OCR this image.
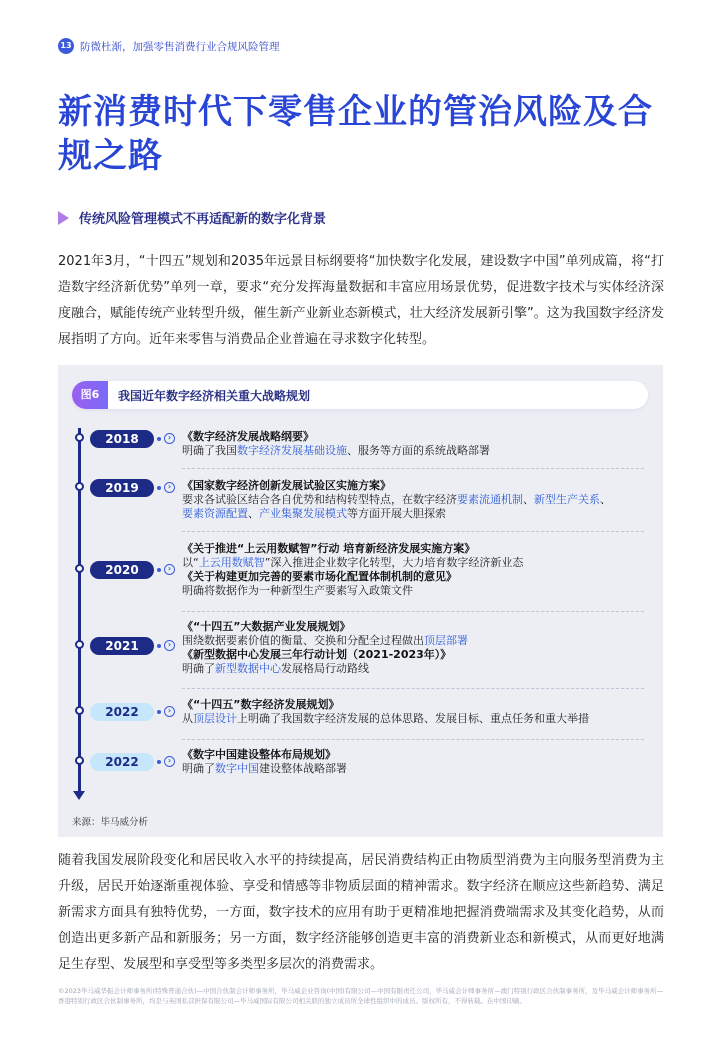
13 防微杜渐，加强零售消费行业合规风险管理
新消费时代下零售企业的管治风险及合规之路
传统风险管理模式不再适配新的数字化背景

2021年3月，“十四五”规划和2035年远景目标纲要将“加快数字化发展，建设数字中国”单列成篇，将“打造数字经济新优势”单列一章，要求“充分发挥海量数据和丰富应用场景优势，促进数字技术与实体经济深度融合，赋能传统产业转型升级，催生新产业新业态新模式，壮大经济发展新引擎”。这为我国数字经济发展指明了方向。近年来零售与消费品企业普遍在寻求数字化转型。

图6	我国近年数字经济相关重大战略规划
2018	› 《数字经济发展战略纲要》
明确了我国数字经济发展基础设施、服务等方面的系统战略部署
2019	› 《国家数字经济创新发展试验区实施方案》
要求各试验区结合各自优势和结构转型特点，在数字经济要素流通机制、新型生产关系、
要素资源配置、产业集聚发展模式等方面开展大胆探索
2020	›
《关于推进“上云用数赋智”行动 培育新经济发展实施方案》
以“上云用数赋智”深入推进企业数字化转型，大力培育数字经济新业态
《关于构建更加完善的要素市场化配置体制机制的意见》
明确将数据作为一种新型生产要素写入政策文件
2021	›
《“十四五”大数据产业发展规划》
围绕数据要素价值的衡量、交换和分配全过程做出顶层部署
《新型数据中心发展三年行动计划（2021-2023年）》
明确了新型数据中心发展格局行动路线
2022	› 《“十四五”数字经济发展规划》
从顶层设计上明确了我国数字经济发展的总体思路、发展目标、重点任务和重大举措
2022	› 《数字中国建设整体布局规划》
明确了数字中国建设整体战略部署
来源：毕马威分析

随着我国发展阶段变化和居民收入水平的持续提高，居民消费结构正由物质型消费为主向服务型消费为主升级，居民开始逐渐重视体验、享受和情感等非物质层面的精神需求。数字经济在顺应这些新趋势、满足新需求方面具有独特优势，一方面，数字技术的应用有助于更精准地把握消费端需求及其变化趋势，从而创造出更多新产品和新服务；另一方面，数字经济能够创造更丰富的消费新业态和新模式，从而更好地满足生存型、发展型和享受型等多类型多层次的消费需求。

©2023毕马威华振会计师事务所(特殊普通合伙)—中国合伙制会计师事务所，毕马威企业咨询(中国)有限公司—中国有限责任公司，毕马威会计师事务所—澳门特别行政区合伙制事务所，及毕马威会计师事务所—香港特别行政区合伙制事务所，均是与英国私营担保有限公司—毕马威国际有限公司相关联的独立成员所全球性组织中的成员。版权所有，不得转载。在中国印刷。
